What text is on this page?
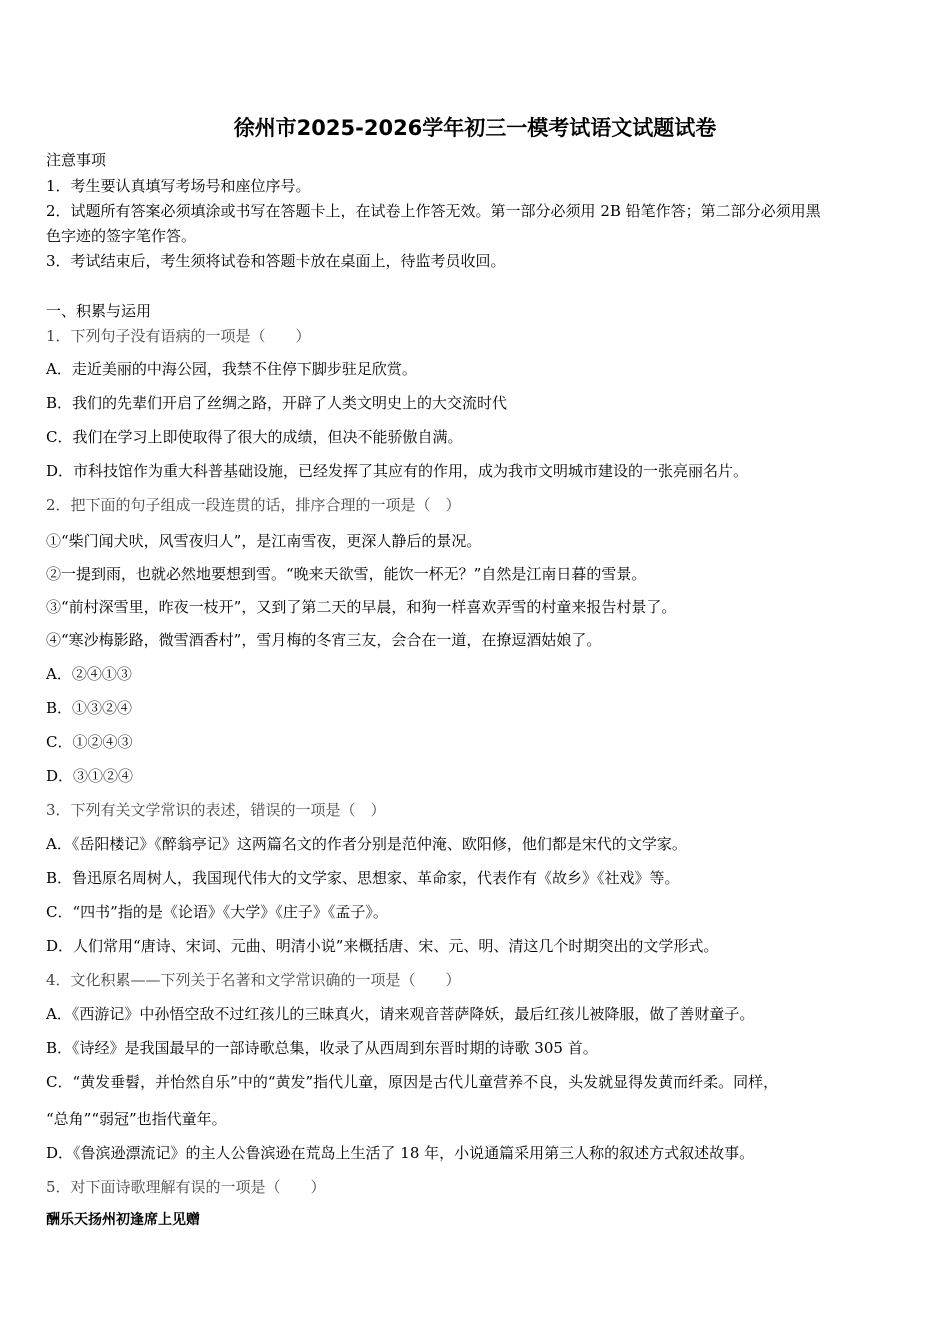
徐州市2025-2026学年初三一模考试语文试题试卷
注意事项
1．考生要认真填写考场号和座位序号。
2．试题所有答案必须填涂或书写在答题卡上，在试卷上作答无效。第一部分必须用 2B 铅笔作答；第二部分必须用黑
色字迹的签字笔作答。
3．考试结束后，考生须将试卷和答题卡放在桌面上，待监考员收回。
一、积累与运用
1．下列句子没有语病的一项是（　　）
A．走近美丽的中海公园，我禁不住停下脚步驻足欣赏。
B．我们的先辈们开启了丝绸之路，开辟了人类文明史上的大交流时代
C．我们在学习上即使取得了很大的成绩，但决不能骄傲自满。
D．市科技馆作为重大科普基础设施，已经发挥了其应有的作用，成为我市文明城市建设的一张亮丽名片。
2．把下面的句子组成一段连贯的话，排序合理的一项是（　）
①“柴门闻犬吠，风雪夜归人”，是江南雪夜，更深人静后的景况。
②一提到雨，也就必然地要想到雪。“晚来天欲雪，能饮一杯无？”自然是江南日暮的雪景。
③“前村深雪里，昨夜一枝开”，又到了第二天的早晨，和狗一样喜欢弄雪的村童来报告村景了。
④“寒沙梅影路，微雪酒香村”，雪月梅的冬宵三友，会合在一道，在撩逗酒姑娘了。
A．②④①③
B．①③②④
C．①②④③
D．③①②④
3．下列有关文学常识的表述，错误的一项是（　）
A．《岳阳楼记》《醉翁亭记》这两篇名文的作者分别是范仲淹、欧阳修，他们都是宋代的文学家。
B．鲁迅原名周树人，我国现代伟大的文学家、思想家、革命家，代表作有《故乡》《社戏》等。
C．“四书”指的是《论语》《大学》《庄子》《孟子》。
D．人们常用“唐诗、宋词、元曲、明清小说”来概括唐、宋、元、明、清这几个时期突出的文学形式。
4．文化积累——下列关于名著和文学常识确的一项是（　　）
A．《西游记》中孙悟空敌不过红孩儿的三昧真火，请来观音菩萨降妖，最后红孩儿被降服，做了善财童子。
B．《诗经》是我国最早的一部诗歌总集，收录了从西周到东晋时期的诗歌 305 首。
C．“黄发垂髫，并怡然自乐”中的“黄发”指代儿童，原因是古代儿童营养不良，头发就显得发黄而纤柔。同样，
“总角”“弱冠”也指代童年。
D．《鲁滨逊漂流记》的主人公鲁滨逊在荒岛上生活了 18 年，小说通篇采用第三人称的叙述方式叙述故事。
5．对下面诗歌理解有误的一项是（　　）
酬乐天扬州初逢席上见赠
